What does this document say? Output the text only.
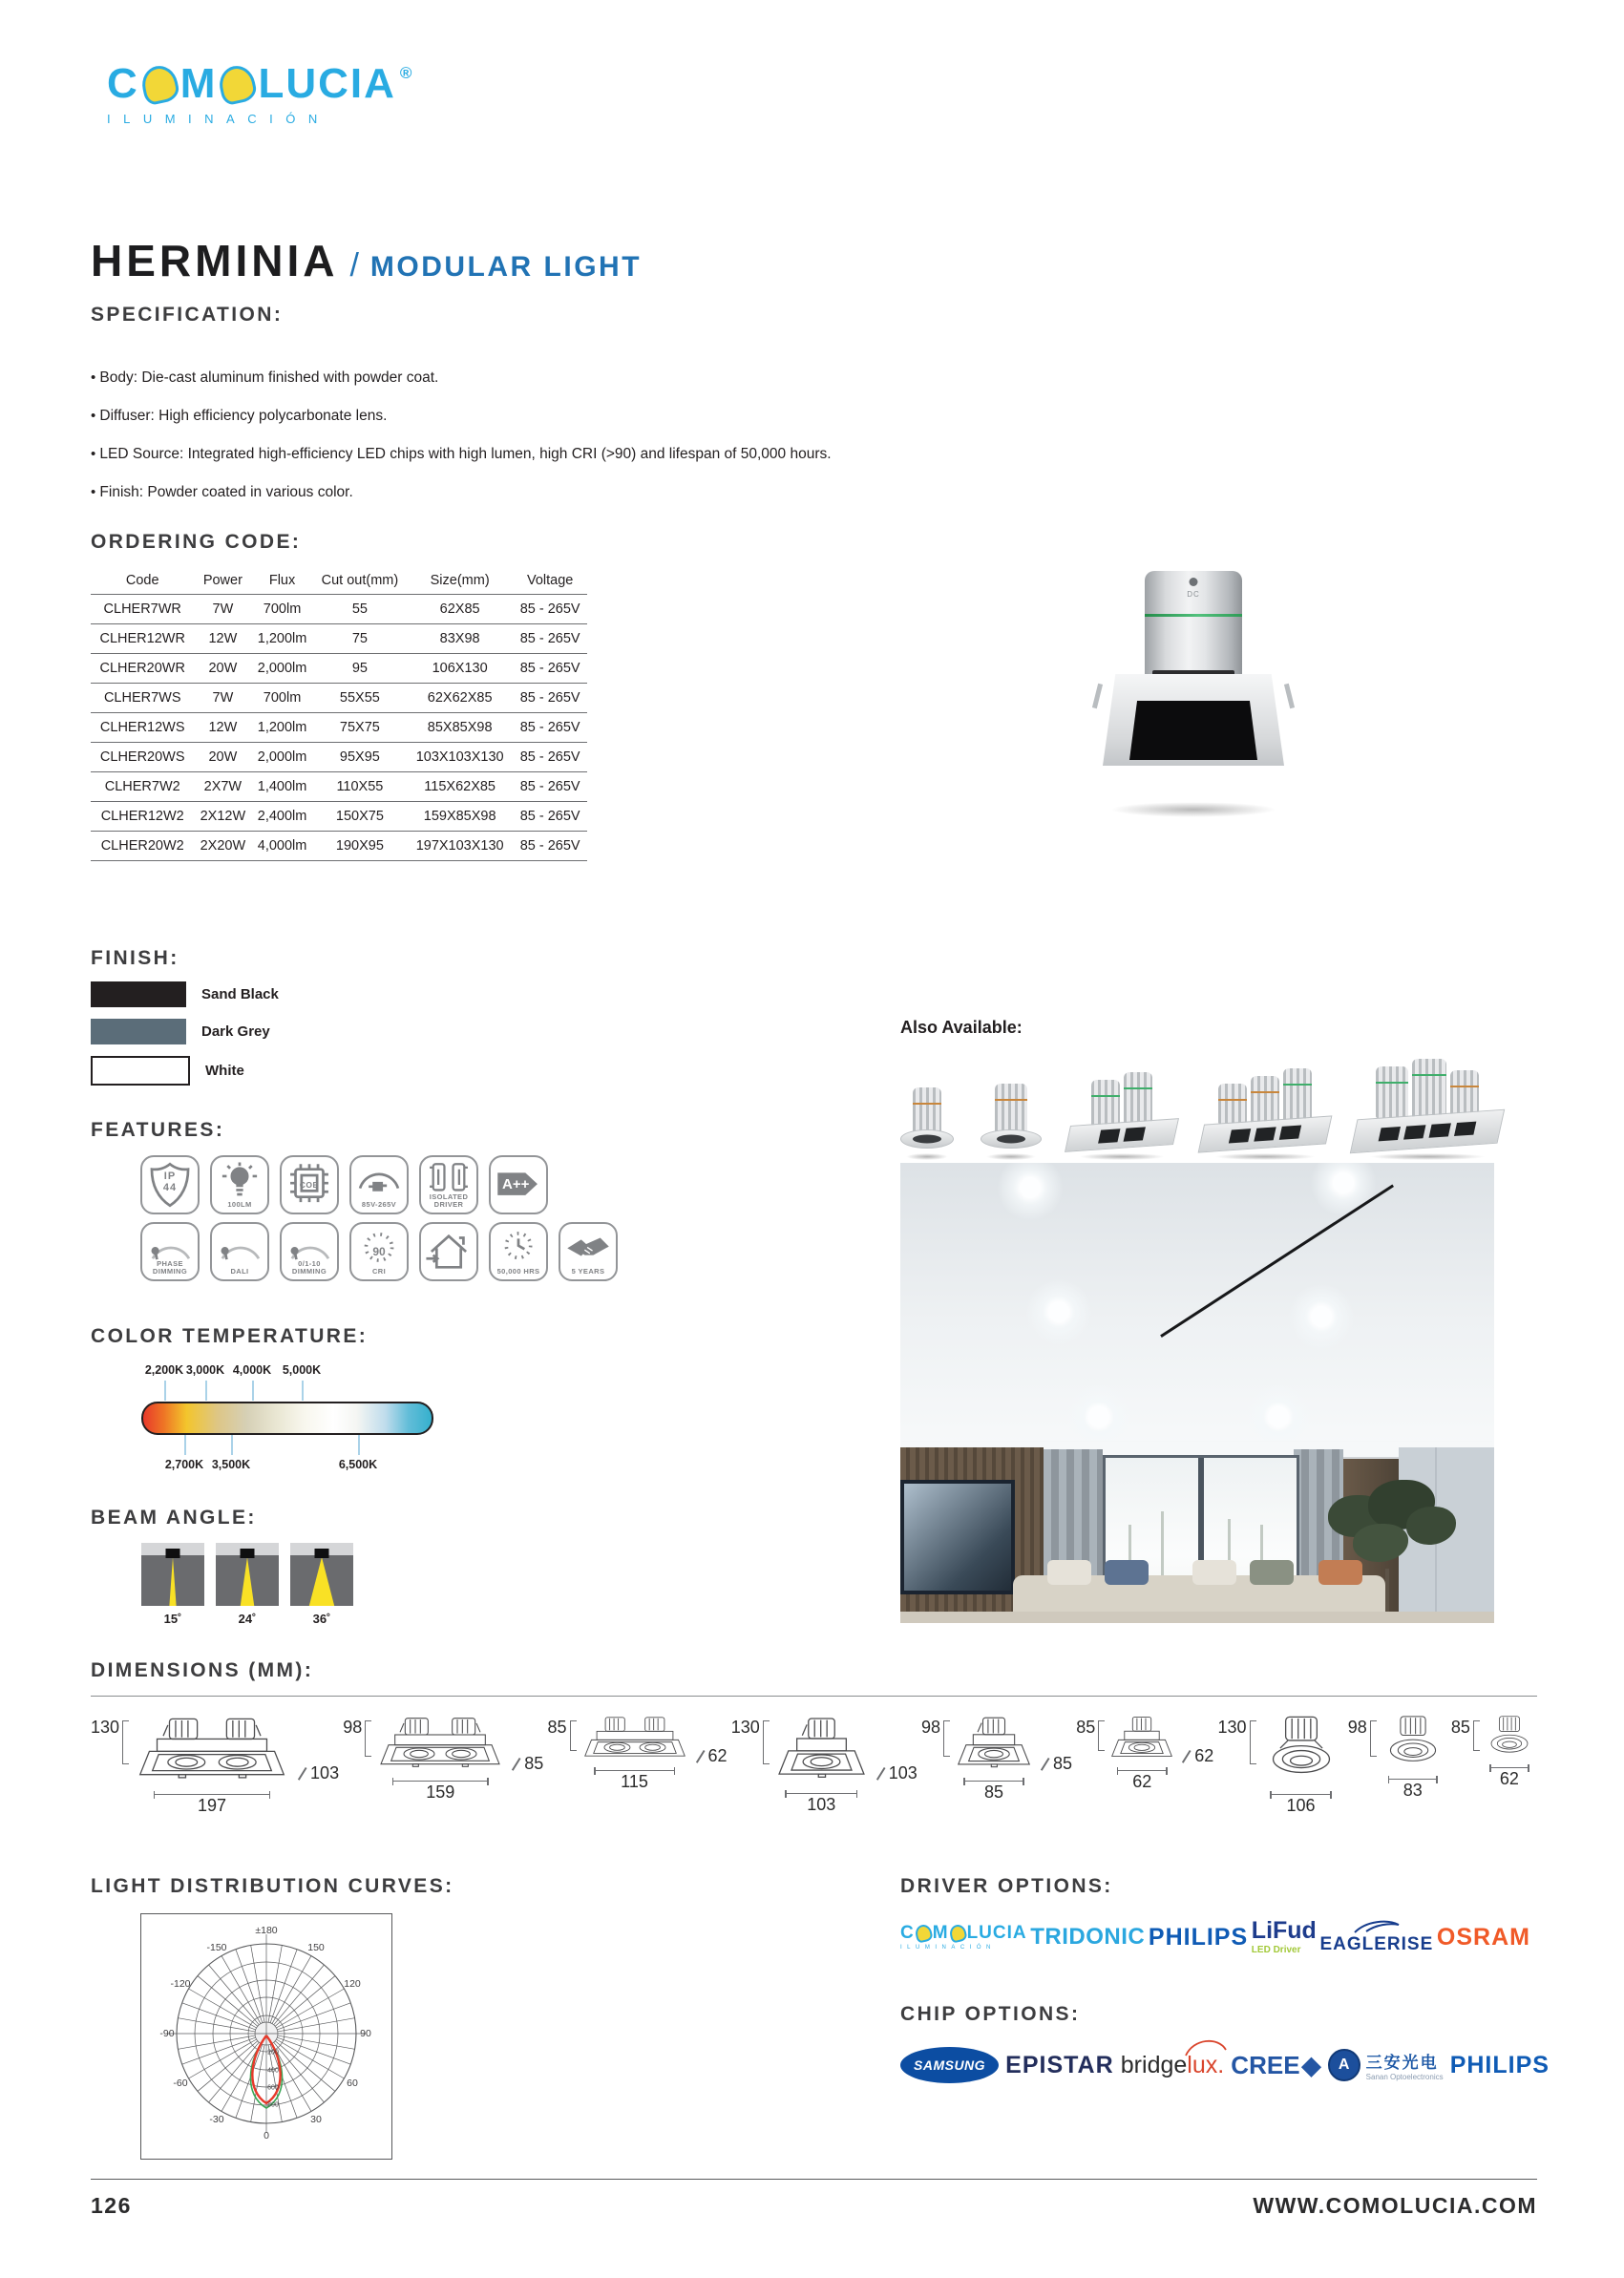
C M LUCIA ®
ILUMINACIÓN
HERMINIA / MODULAR LIGHT
SPECIFICATION:
• Body: Die-cast aluminum finished with powder coat.
• Diffuser: High efficiency polycarbonate lens.
• LED Source: Integrated high-efficiency LED chips with high lumen, high CRI (>90) and lifespan of 50,000 hours.
• Finish: Powder coated in various color.
ORDERING CODE:
Code	Power	Flux	Cut out(mm)	Size(mm)	Voltage
CLHER7WR	7W	700lm	55	62X85	85 - 265V
CLHER12WR	12W	1,200lm	75	83X98	85 - 265V
CLHER20WR	20W	2,000lm	95	106X130	85 - 265V
CLHER7WS	7W	700lm	55X55	62X62X85	85 - 265V
CLHER12WS	12W	1,200lm	75X75	85X85X98	85 - 265V
CLHER20WS	20W	2,000lm	95X95	103X103X130	85 - 265V
CLHER7W2	2X7W	1,400lm	110X55	115X62X85	85 - 265V
CLHER12W2	2X12W	2,400lm	150X75	159X85X98	85 - 265V
CLHER20W2	2X20W	4,000lm	190X95	197X103X130	85 - 265V
DC
FINISH:
Sand Black
Dark Grey
White
Also Available:
FEATURES:
IP
44
100LM
COB
85V-265V
ISOLATED DRIVER
A++
PHASE DIMMING	DALI
0/1-10 DIMMING
90
CRI	50,000 HRS	5 YEARS
COLOR TEMPERATURE:
2,200K 3,000K 4,000K 5,000K
2,700K 3,500K	6,500K
BEAM ANGLE:
15˚	24˚	36˚
DIMENSIONS (MM):
130
197
103
98
159
85
85
115
62
130
103
103
98
85
85
85
62
62
130
106
98
83
85
62
LIGHT DISTRIBUTION CURVES:
±180
-150	150
-120	120
-90	90
-60	60
-30	30
0
200
400
600
800
DRIVER OPTIONS:
C M LUCIA
ILUMINACIÓN	TRIDONIC PHILIPS LiFud
LED Driver EAGLERISE OSRAM
CHIP OPTIONS:
SAMSUNG EPISTAR bridgelux. CREE ◆	A	三安光电
Sanan Optoelectronics PHILIPS
126	WWW.COMOLUCIA.COM
